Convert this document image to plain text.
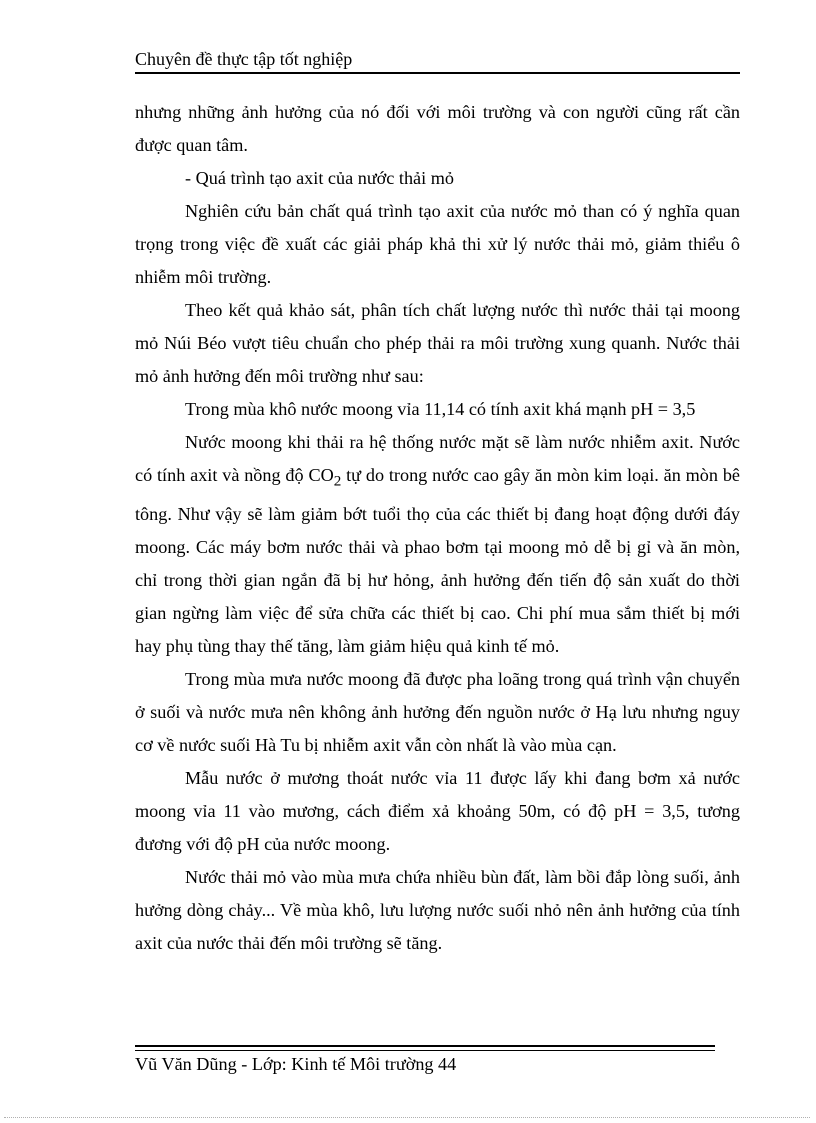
Chuyên đề thực tập tốt nghiệp

nhưng những ảnh hưởng của nó đối với môi trường và con người cũng rất cần được quan tâm.

- Quá trình tạo axit của nước thải mỏ

Nghiên cứu bản chất quá trình tạo axit của nước mỏ than có ý nghĩa quan trọng trong việc đề xuất các giải pháp khả thi xử lý nước thải mỏ, giảm thiểu ô nhiễm môi trường.

Theo kết quả khảo sát, phân tích chất lượng nước thì nước thải tại moong mỏ Núi Béo vượt tiêu chuẩn cho phép thải ra môi trường xung quanh. Nước thải mỏ ảnh hưởng đến môi trường như sau:

Trong mùa khô nước moong vỉa 11,14 có tính axit khá mạnh pH = 3,5

Nước moong khi thải ra hệ thống nước mặt sẽ làm nước nhiễm axit. Nước có tính axit và nồng độ $CO_2$ tự do trong nước cao gây ăn mòn kim loại. ăn mòn bê tông. Như vậy sẽ làm giảm bớt tuổi thọ của các thiết bị đang hoạt động dưới đáy moong. Các máy bơm nước thải và phao bơm tại moong mỏ dễ bị gỉ và ăn mòn, chỉ trong thời gian ngắn đã bị hư hỏng, ảnh hưởng đến tiến độ sản xuất do thời gian ngừng làm việc để sửa chữa các thiết bị cao. Chi phí mua sắm thiết bị mới hay phụ tùng thay thế tăng, làm giảm hiệu quả kinh tế mỏ.

Trong mùa mưa nước moong đã được pha loãng trong quá trình vận chuyển ở suối và nước mưa nên không ảnh hưởng đến nguồn nước ở Hạ lưu nhưng nguy cơ về nước suối Hà Tu bị nhiễm axit vẫn còn nhất là vào mùa cạn.

Mẫu nước ở mương thoát nước vỉa 11 được lấy khi đang bơm xả nước moong vỉa 11 vào mương, cách điểm xả khoảng 50m, có độ pH = 3,5, tương đương với độ pH của nước moong.

Nước thải mỏ vào mùa mưa chứa nhiều bùn đất, làm bồi đắp lòng suối, ảnh hưởng dòng chảy... Về mùa khô, lưu lượng nước suối nhỏ nên ảnh hưởng của tính axit của nước thải đến môi trường sẽ tăng.

Vũ Văn Dũng - Lớp: Kinh tế Môi trường 44
